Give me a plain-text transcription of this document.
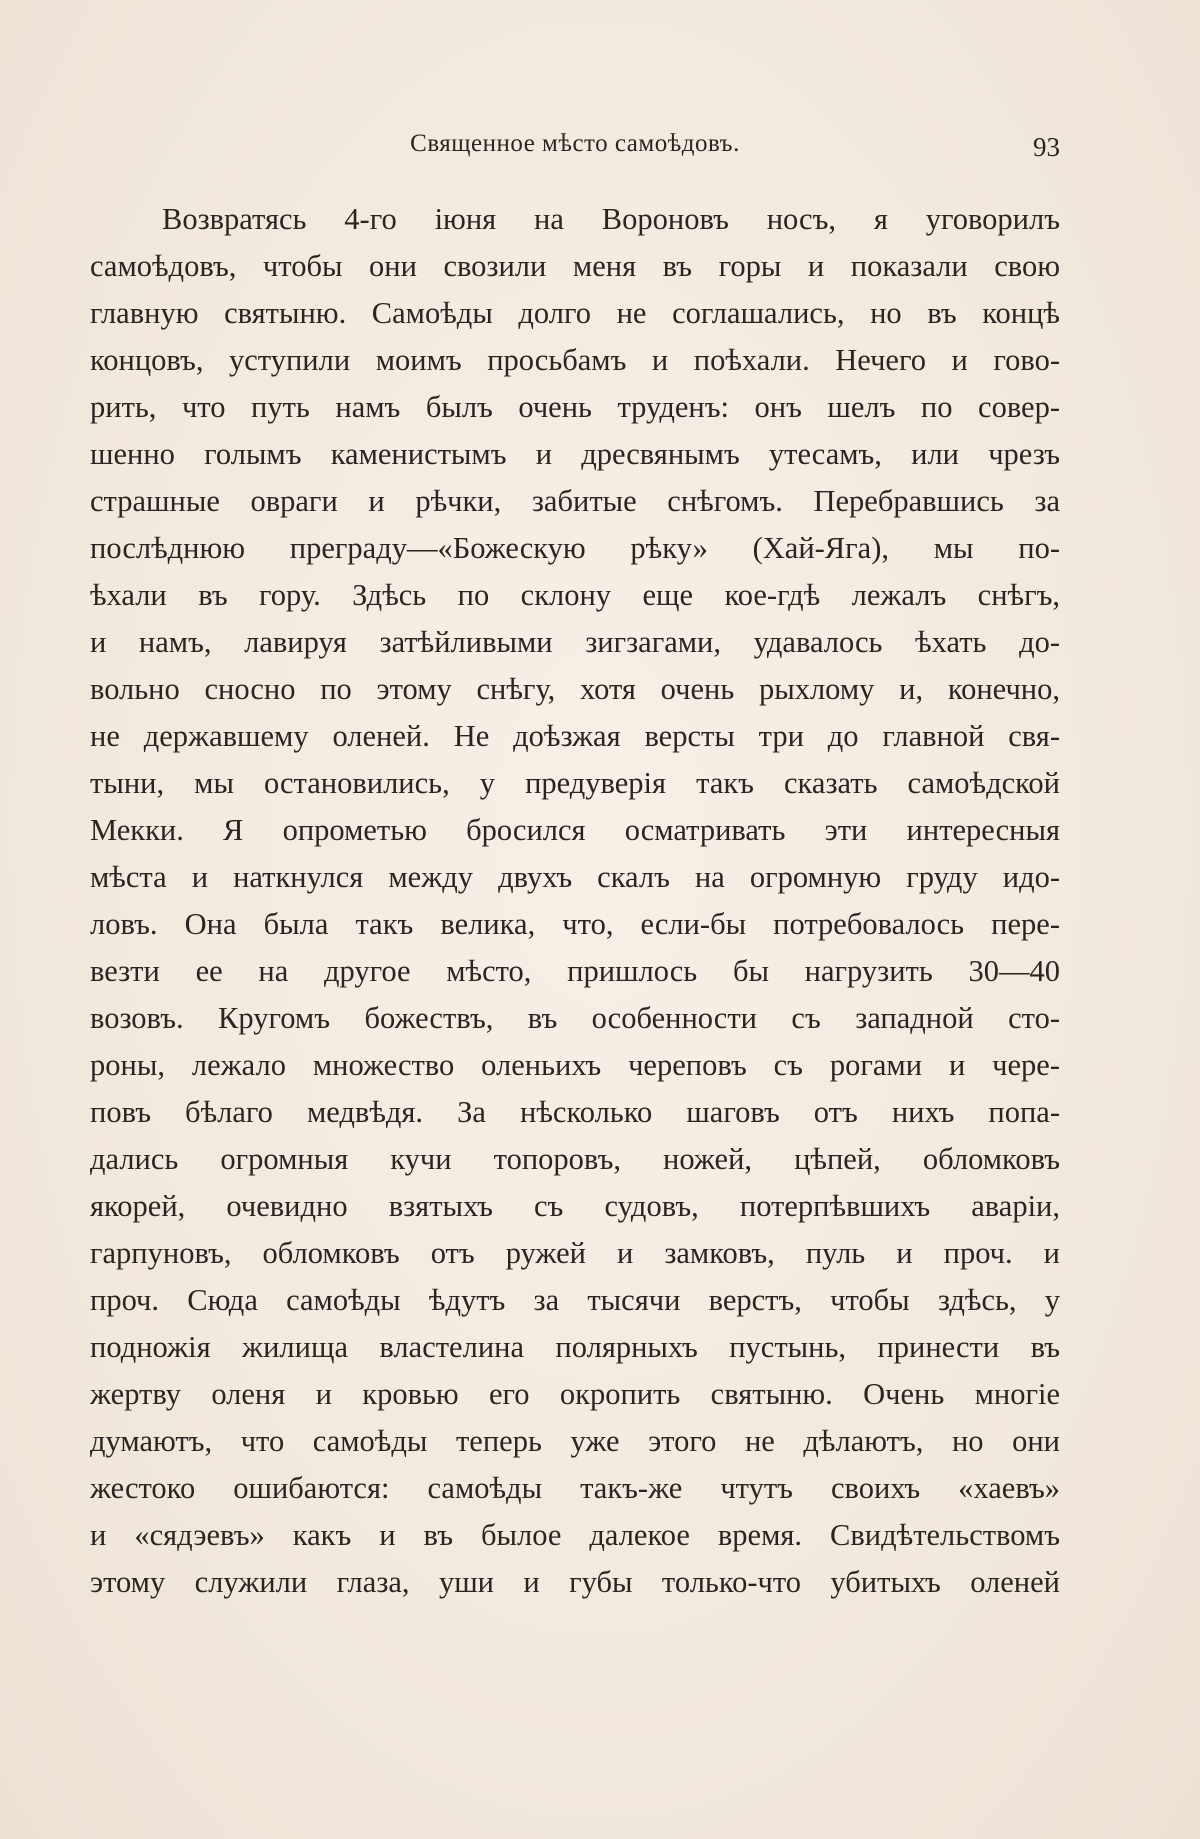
Священное мѣсто самоѣдовъ.	93
Возвратясь 4-го іюня на Вороновъ носъ, я уговорилъ
самоѣдовъ, чтобы они свозили меня въ горы и показали свою
главную святыню. Самоѣды долго не соглашались, но въ концѣ
концовъ, уступили моимъ просьбамъ и поѣхали. Нечего и гово-
рить, что путь намъ былъ очень труденъ: онъ шелъ по совер-
шенно голымъ каменистымъ и дресвянымъ утесамъ, или чрезъ
страшные овраги и рѣчки, забитые снѣгомъ. Перебравшись за
послѣднюю преграду—«Божескую рѣку» (Хай-Яга), мы по-
ѣхали въ гору. Здѣсь по склону еще кое-гдѣ лежалъ снѣгъ,
и намъ, лавируя затѣйливыми зигзагами, удавалось ѣхать до-
вольно сносно по этому снѣгу, хотя очень рыхлому и, конечно,
не державшему оленей. Не доѣзжая версты три до главной свя-
тыни, мы остановились, у предуверія такъ сказать самоѣдской
Мекки. Я опрометью бросился осматривать эти интересныя
мѣста и наткнулся между двухъ скалъ на огромную груду идо-
ловъ. Она была такъ велика, что, если-бы потребовалось пере-
везти ее на другое мѣсто, пришлось бы нагрузить 30—40
возовъ. Кругомъ божествъ, въ особенности съ западной сто-
роны, лежало множество оленьихъ череповъ съ рогами и чере-
повъ бѣлаго медвѣдя. За нѣсколько шаговъ отъ нихъ попа-
дались огромныя кучи топоровъ, ножей, цѣпей, обломковъ
якорей, очевидно взятыхъ съ судовъ, потерпѣвшихъ аваріи,
гарпуновъ, обломковъ отъ ружей и замковъ, пуль и проч. и
проч. Сюда самоѣды ѣдутъ за тысячи верстъ, чтобы здѣсь, у
подножія жилища властелина полярныхъ пустынь, принести въ
жертву оленя и кровью его окропить святыню. Очень многіе
думаютъ, что самоѣды теперь уже этого не дѣлаютъ, но они
жестоко ошибаются: самоѣды такъ-же чтутъ своихъ «хаевъ»
и «сядэевъ» какъ и въ былое далекое время. Свидѣтельствомъ
этому служили глаза, уши и губы только-что убитыхъ оленей
